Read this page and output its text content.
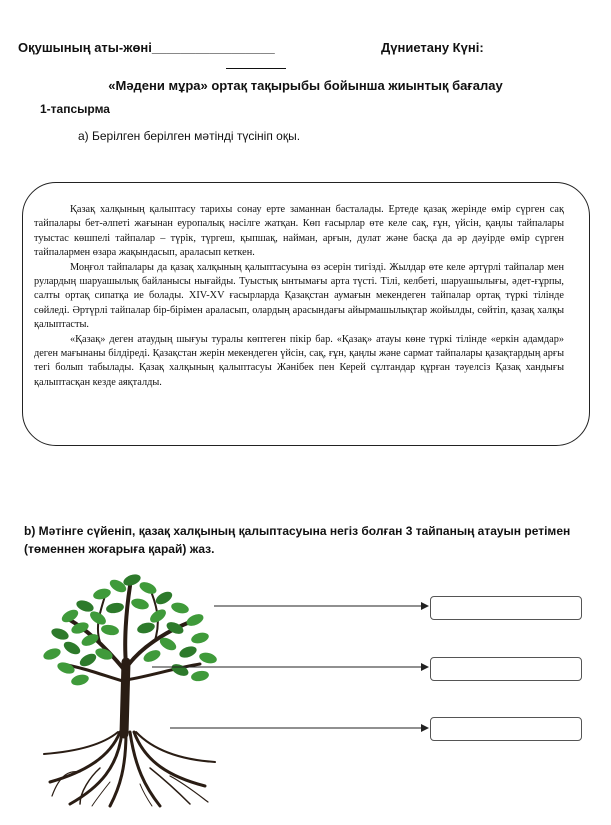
Оқушының аты-жөні_________________	Дүниетану Күні:
«Мәдени мұра» ортақ тақырыбы бойынша жиынтық бағалау
1-тапсырма
а) Берілген берілген мәтінді түсініп оқы.

Қазақ халқының қалыптасу тарихы сонау ерте заманнан басталады. Ертеде қазақ жерінде өмір сүрген сақ тайпалары бет-әлпеті жағынан еуропалық нәсілге жатқан. Көп ғасырлар өте келе сақ, ғұн, үйсін, қаңлы тайпалары туыстас көшпелі тайпалар – түрік, түргеш, қыпшақ, найман, арғын, дулат және басқа да әр дәуірде өмір сүрген тайпалармен өзара жақындасып, араласып кеткен.

Моңғол тайпалары да қазақ халқының қалыптасуына өз әсерін тигізді. Жылдар өте келе әртүрлі тайпалар мен рулардың шаруашылық байланысы нығайды. Туыстық ынтымағы арта түсті. Тілі, келбеті, шаруашылығы, әдет-ғұрпы, салты ортақ сипатқа ие болады. XIV-XV ғасырларда Қазақстан аумағын мекендеген тайпалар ортақ түркі тілінде сөйледі. Әртүрлі тайпалар бір-бірімен араласып, олардың арасындағы айырмашылықтар жойылды, сөйтіп, қазақ халқы қалыптасты.

«Қазақ» деген атаудың шығуы туралы көптеген пікір бар. «Қазақ» атауы көне түркі тілінде «еркін адамдар» деген мағынаны білдіреді. Қазақстан жерін мекендеген үйсін, сақ, ғұн, қаңлы және сармат тайпалары қазақтардың арғы тегі болып табылады. Қазақ халқының қалыптасуы Жәнібек пен Керей сұлтандар құрған тәуелсіз Қазақ хандығы қалыптасқан кезде аяқталды.

b) Мәтінге сүйеніп, қазақ халқының қалыптасуына негіз болған 3 тайпаның атауын ретімен (төменнен жоғарыға қарай) жаз.
